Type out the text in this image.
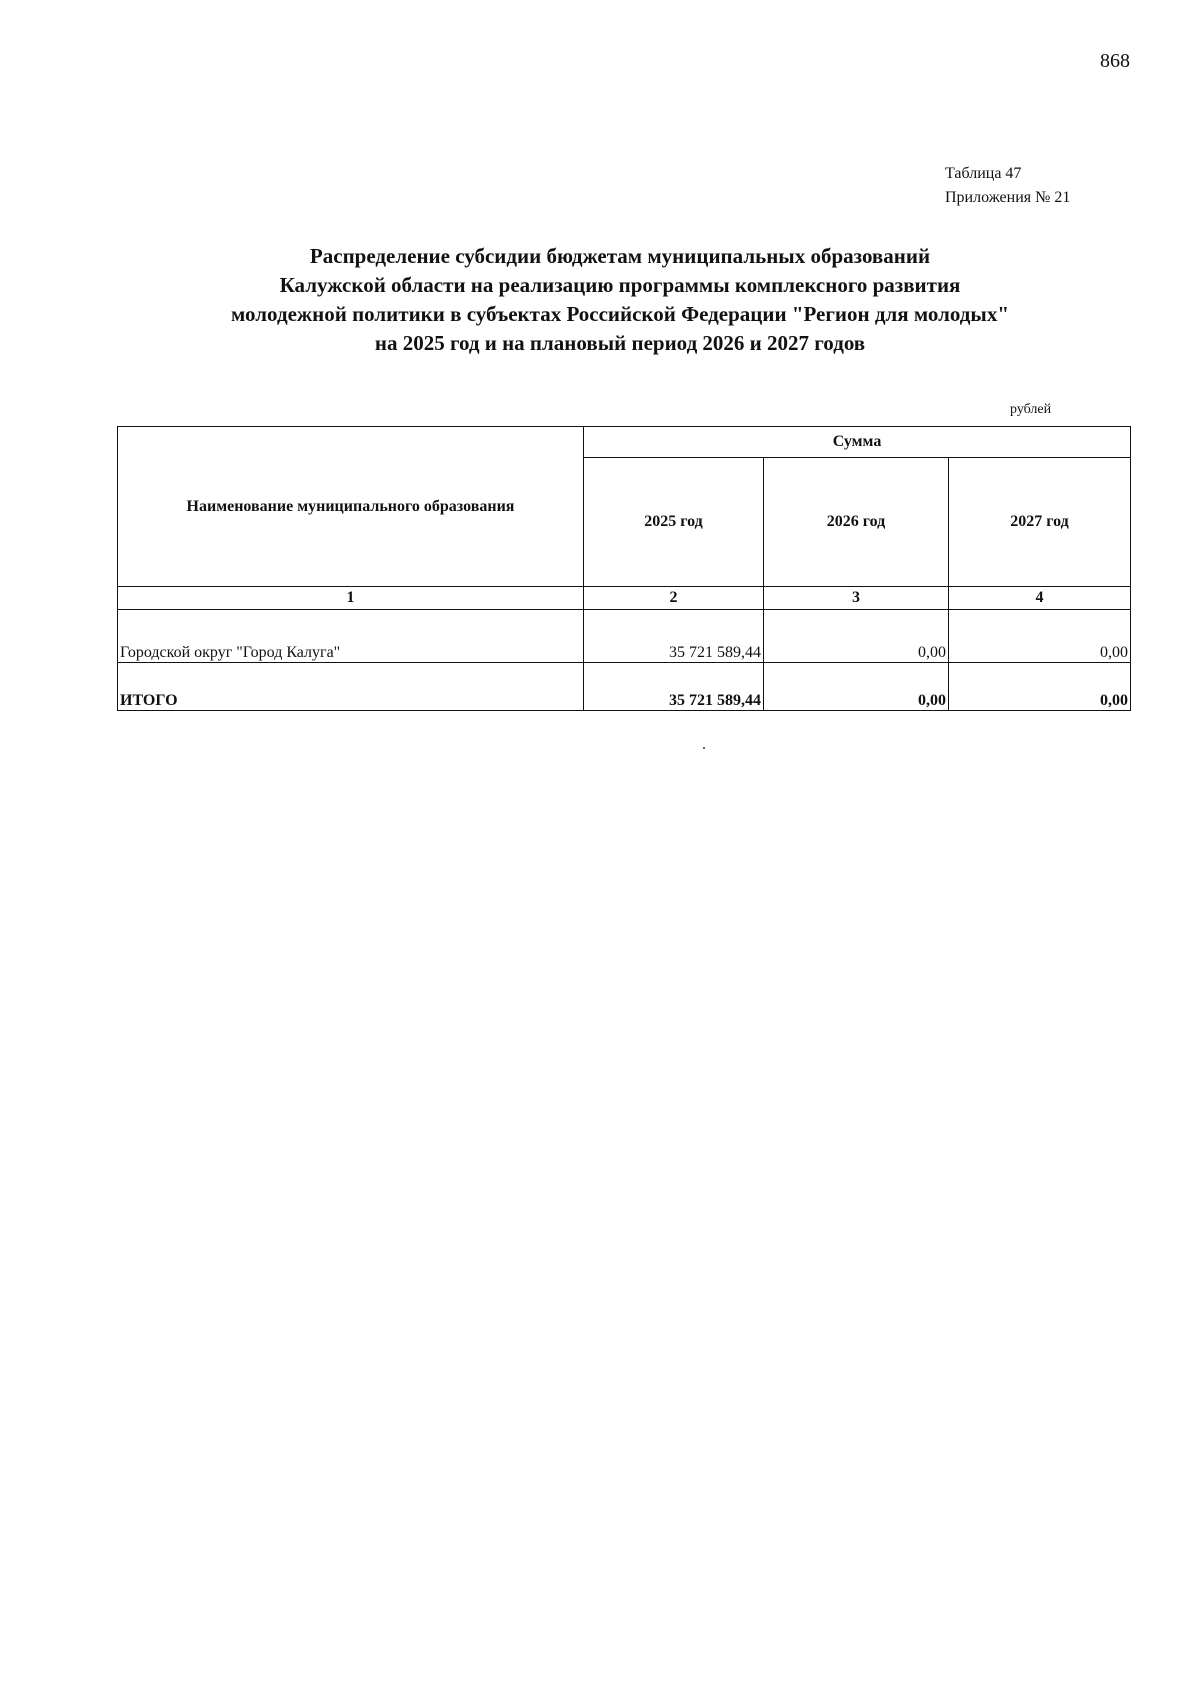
868
Таблица 47
Приложения № 21
Распределение субсидии бюджетам муниципальных образований
Калужской области на реализацию программы комплексного развития
молодежной политики в субъектах Российской Федерации "Регион для молодых"
на 2025 год и на плановый период 2026 и 2027 годов
рублей
Наименование муниципального образования	Сумма		
	2025 год	2026 год	2027 год
1	2	3	4
Городской округ "Город Калуга"	35 721 589,44	0,00	0,00
ИТОГО	35 721 589,44	0,00	0,00
